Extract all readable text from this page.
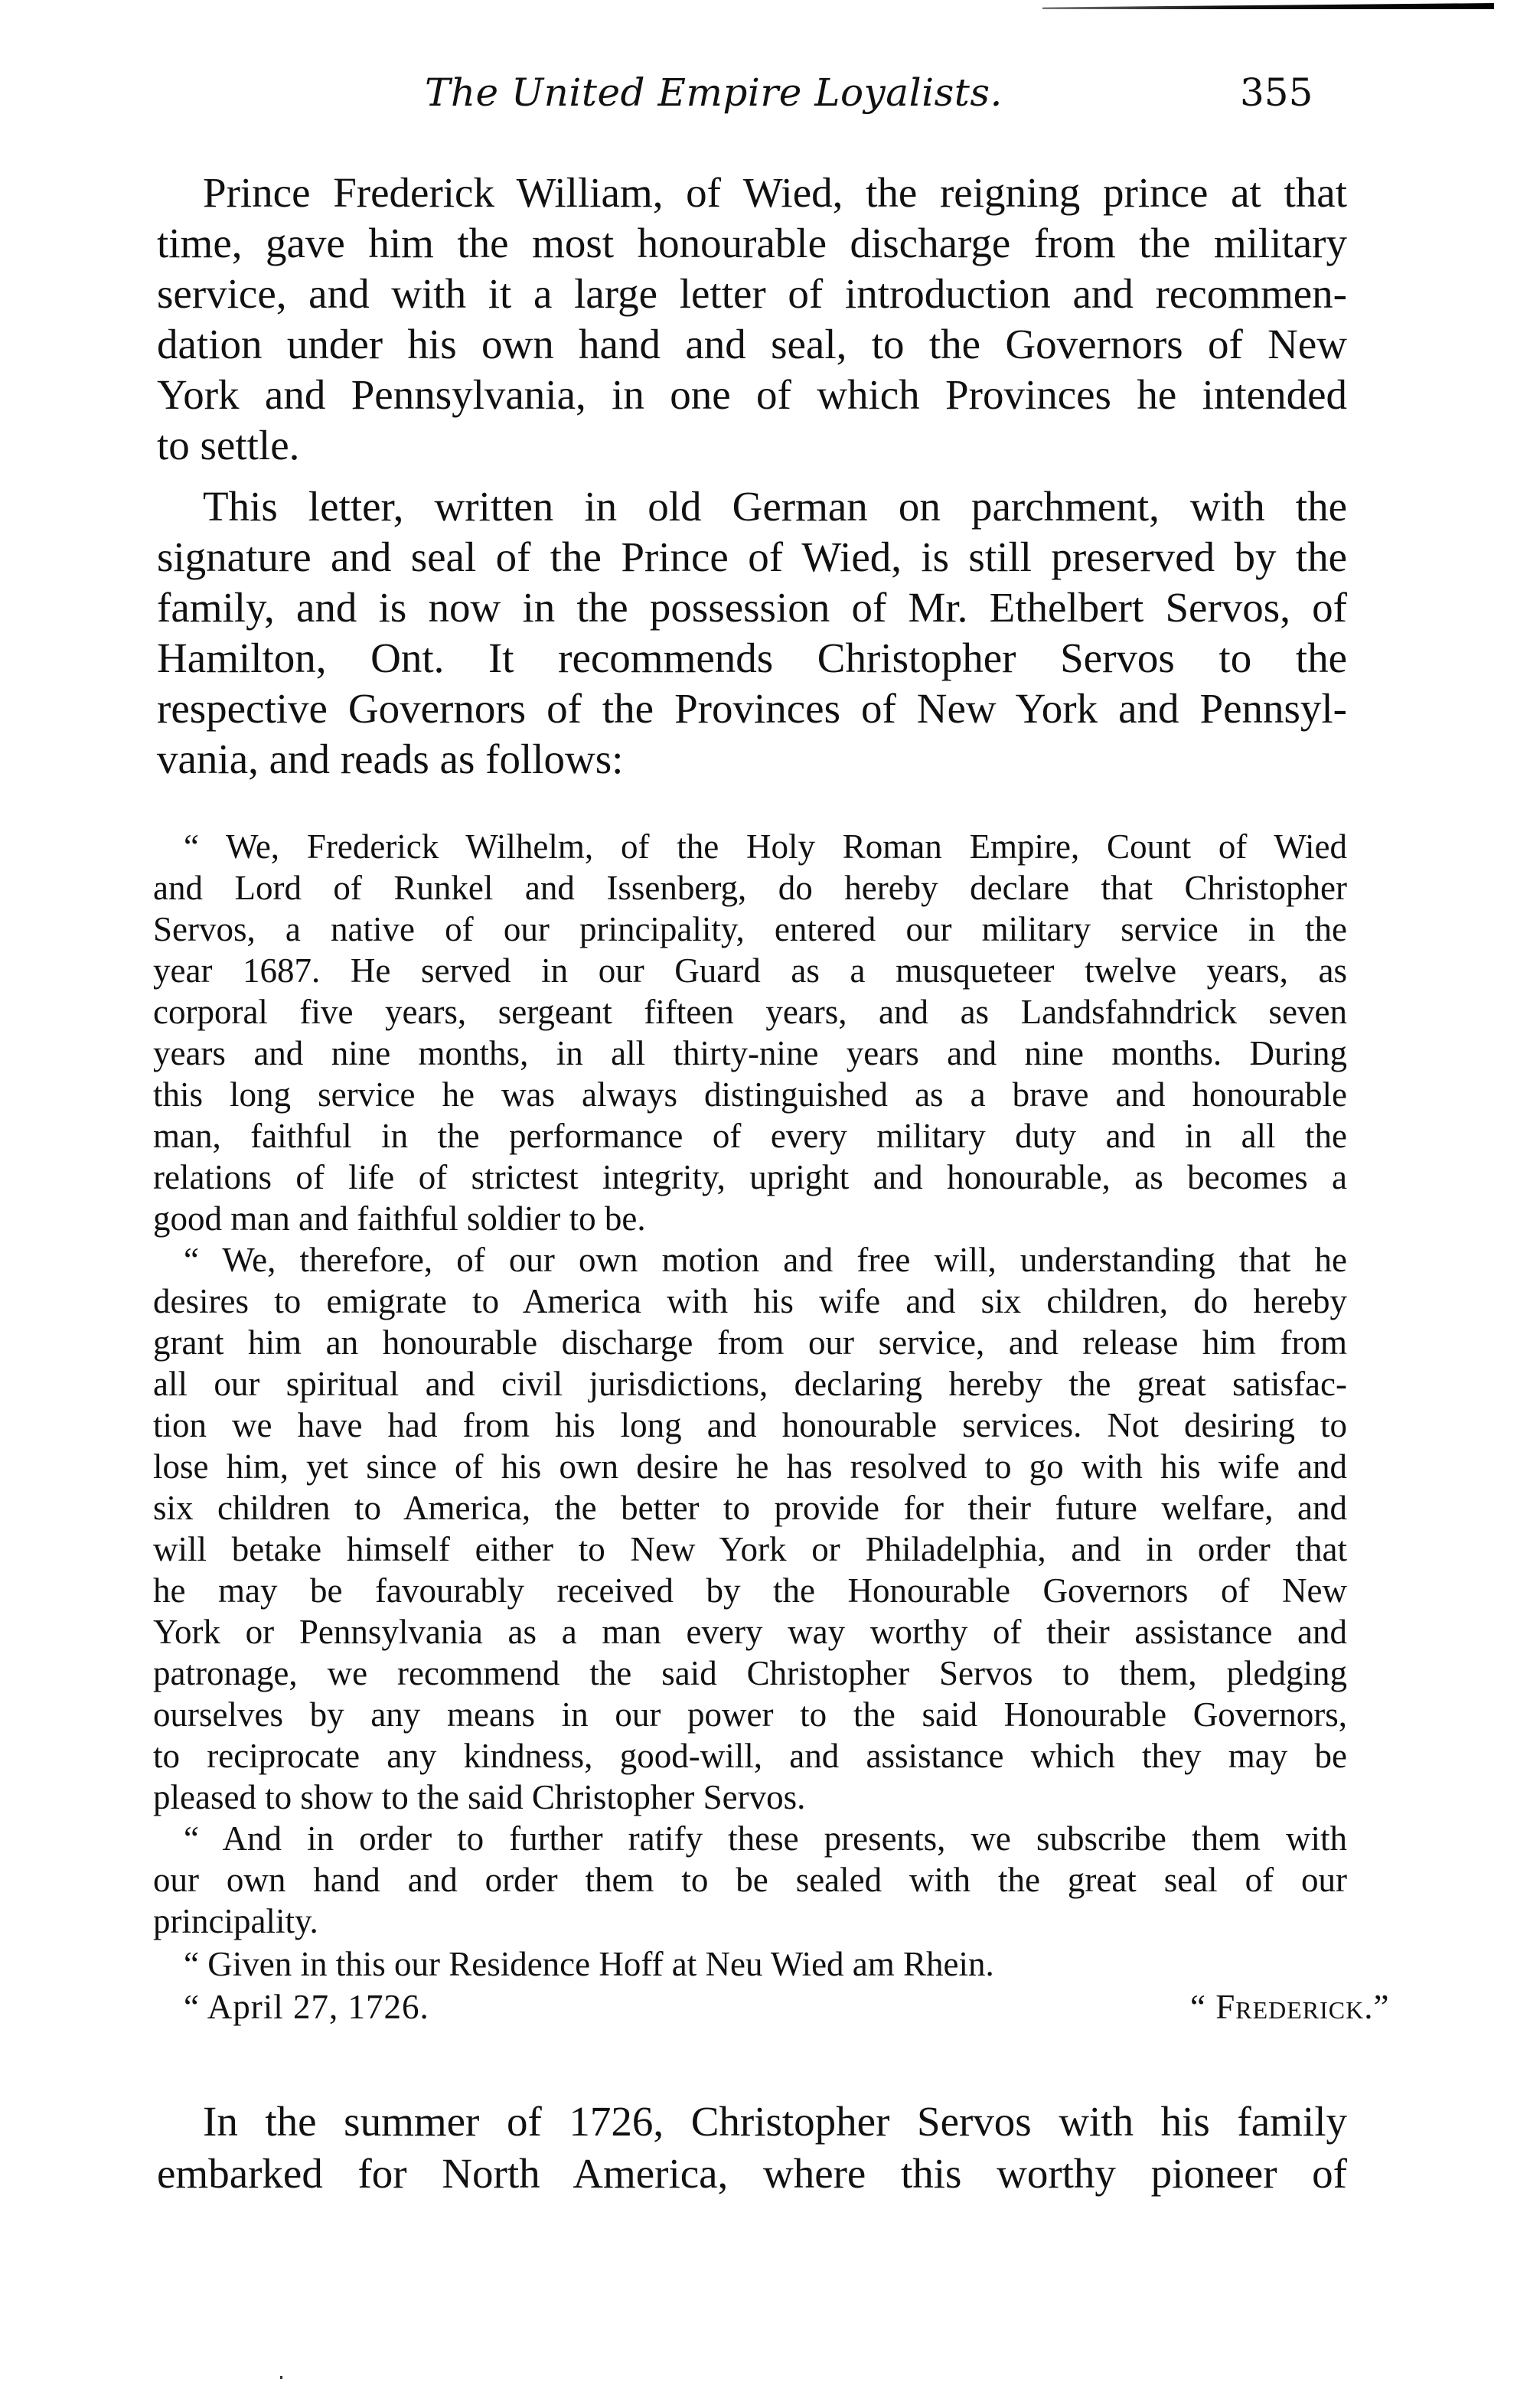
The United Empire Loyalists.	355
Prince Frederick William, of Wied, the reigning prince at that
time, gave him the most honourable discharge from the military
service, and with it a large letter of introduction and recommen-
dation under his own hand and seal, to the Governors of New
York and Pennsylvania, in one of which Provinces he intended
to settle.
This letter, written in old German on parchment, with the
signature and seal of the Prince of Wied, is still preserved by the
family, and is now in the possession of Mr. Ethelbert Servos, of
Hamilton, Ont. It recommends Christopher Servos to the
respective Governors of the Provinces of New York and Pennsyl-
vania, and reads as follows:
“ We, Frederick Wilhelm, of the Holy Roman Empire, Count of Wied
and Lord of Runkel and Issenberg, do hereby declare that Christopher
Servos, a native of our principality, entered our military service in the
year 1687. He served in our Guard as a musqueteer twelve years, as
corporal five years, sergeant fifteen years, and as Landsfahndrick seven
years and nine months, in all thirty-nine years and nine months. During
this long service he was always distinguished as a brave and honourable
man, faithful in the performance of every military duty and in all the
relations of life of strictest integrity, upright and honourable, as becomes a
good man and faithful soldier to be.
“ We, therefore, of our own motion and free will, understanding that he
desires to emigrate to America with his wife and six children, do hereby
grant him an honourable discharge from our service, and release him from
all our spiritual and civil jurisdictions, declaring hereby the great satisfac-
tion we have had from his long and honourable services. Not desiring to
lose him, yet since of his own desire he has resolved to go with his wife and
six children to America, the better to provide for their future welfare, and
will betake himself either to New York or Philadelphia, and in order that
he may be favourably received by the Honourable Governors of New
York or Pennsylvania as a man every way worthy of their assistance and
patronage, we recommend the said Christopher Servos to them, pledging
ourselves by any means in our power to the said Honourable Governors,
to reciprocate any kindness, good-will, and assistance which they may be
pleased to show to the said Christopher Servos.
“ And in order to further ratify these presents, we subscribe them with
our own hand and order them to be sealed with the great seal of our
principality.
“ Given in this our Residence Hoff at Neu Wied am Rhein.
“ April 27, 1726.	“ Frederick.”
In the summer of 1726, Christopher Servos with his family
embarked for North America, where this worthy pioneer of
